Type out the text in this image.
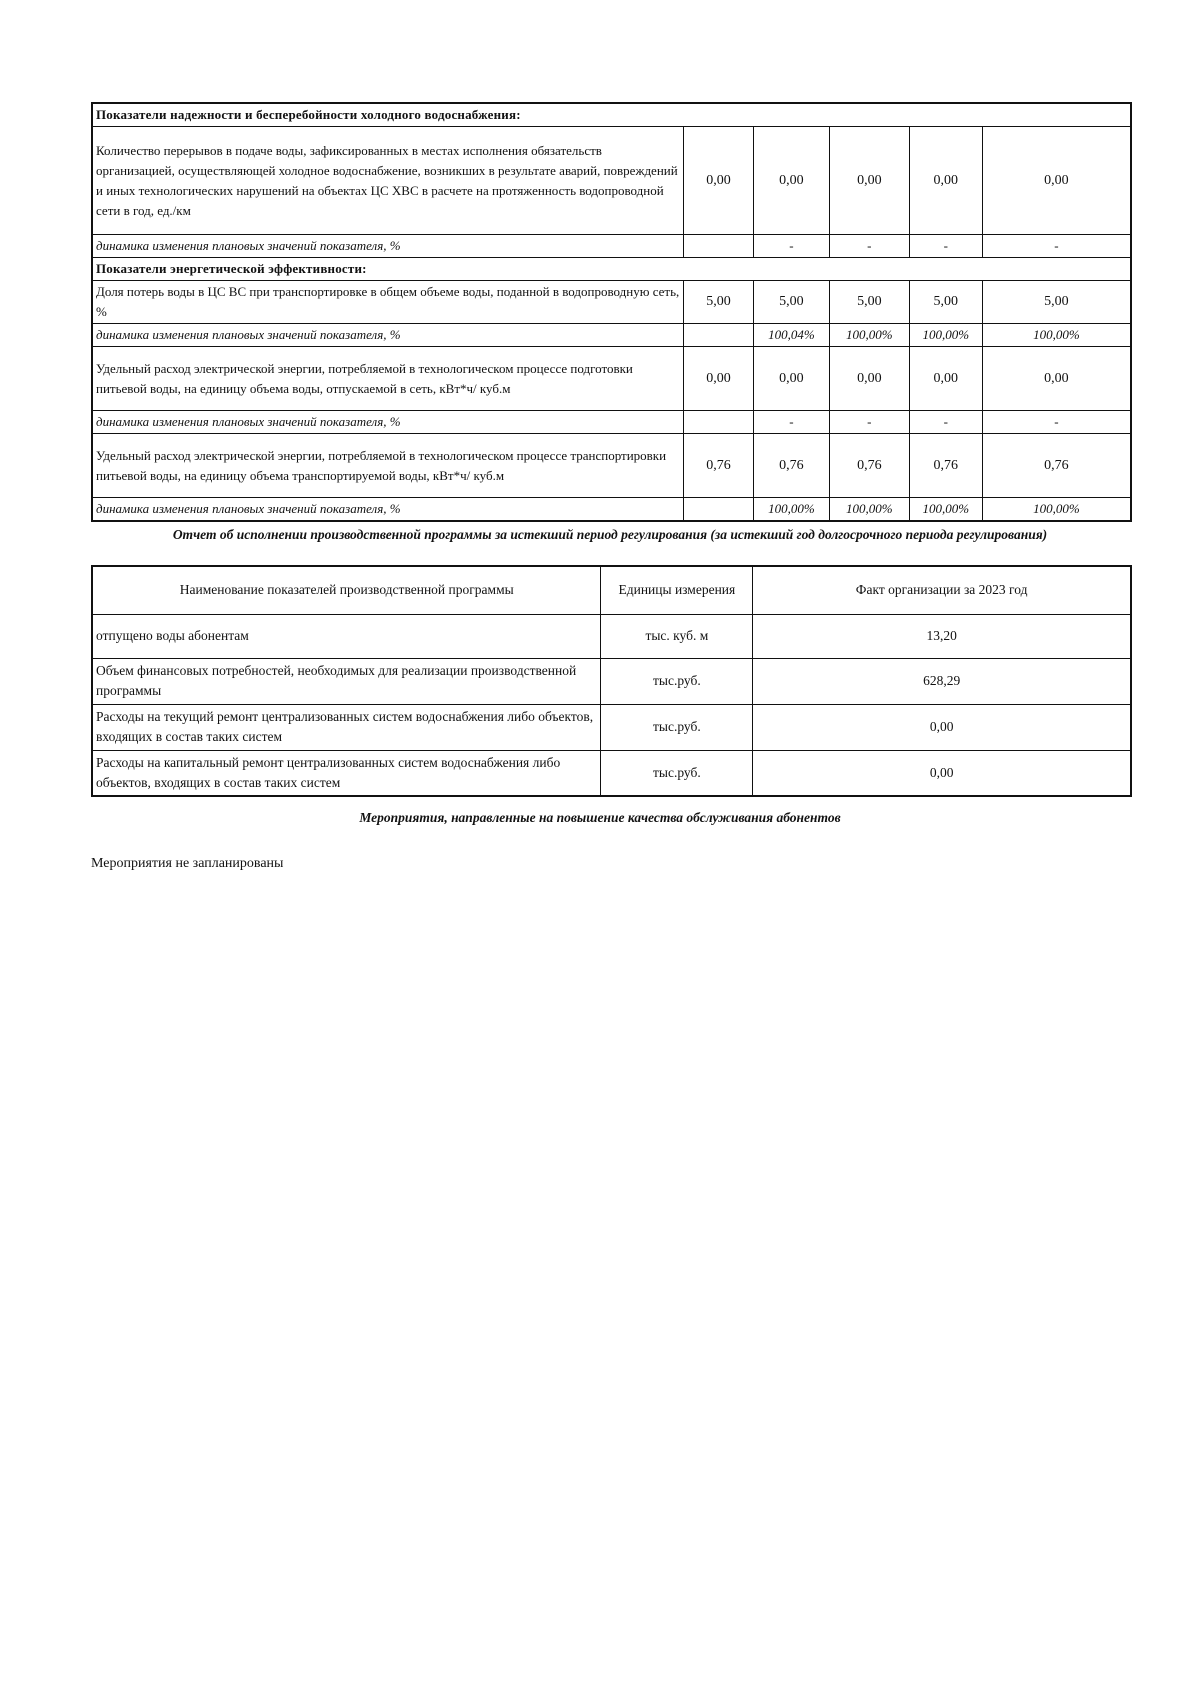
Показатели надежности и бесперебойности холодного водоснабжения:					
Количество перерывов в подаче воды, зафиксированных в местах исполнения обязательств организацией, осуществляющей холодное водоснабжение, возникших в результате аварий, повреждений и иных технологических нарушений на объектах ЦС ХВС в расчете на протяженность водопроводной сети в год, ед./км	0,00	0,00	0,00	0,00	0,00
динамика изменения плановых значений показателя, %		-	-	-	-
Показатели энергетической эффективности:					
Доля потерь воды в ЦС ВС при транспортировке в общем объеме воды, поданной в водопроводную сеть, %	5,00	5,00	5,00	5,00	5,00
динамика изменения плановых значений показателя, %		100,04%	100,00%	100,00%	100,00%
Удельный расход электрической энергии, потребляемой в технологическом процессе подготовки питьевой воды, на единицу объема воды, отпускаемой в сеть, кВт*ч/ куб.м	0,00	0,00	0,00	0,00	0,00
динамика изменения плановых значений показателя, %		-	-	-	-
Удельный расход электрической энергии, потребляемой в технологическом процессе транспортировки питьевой воды, на единицу объема транспортируемой воды, кВт*ч/ куб.м	0,76	0,76	0,76	0,76	0,76
динамика изменения плановых значений показателя, %		100,00%	100,00%	100,00%	100,00%
Отчет об исполнении производственной программы за истекший период регулирования (за истекший год долгосрочного периода регулирования)
Наименование показателей производственной программы	Единицы измерения	Факт организации за 2023 год
отпущено воды абонентам	тыс. куб. м	13,20
Объем финансовых потребностей, необходимых для реализации производственной программы	тыс.руб.	628,29
Расходы на текущий ремонт централизованных систем водоснабжения либо объектов, входящих в состав таких систем	тыс.руб.	0,00
Расходы на капитальный ремонт централизованных систем водоснабжения либо объектов, входящих в состав таких систем	тыс.руб.	0,00
Мероприятия, направленные на повышение качества обслуживания абонентов
Мероприятия не запланированы
